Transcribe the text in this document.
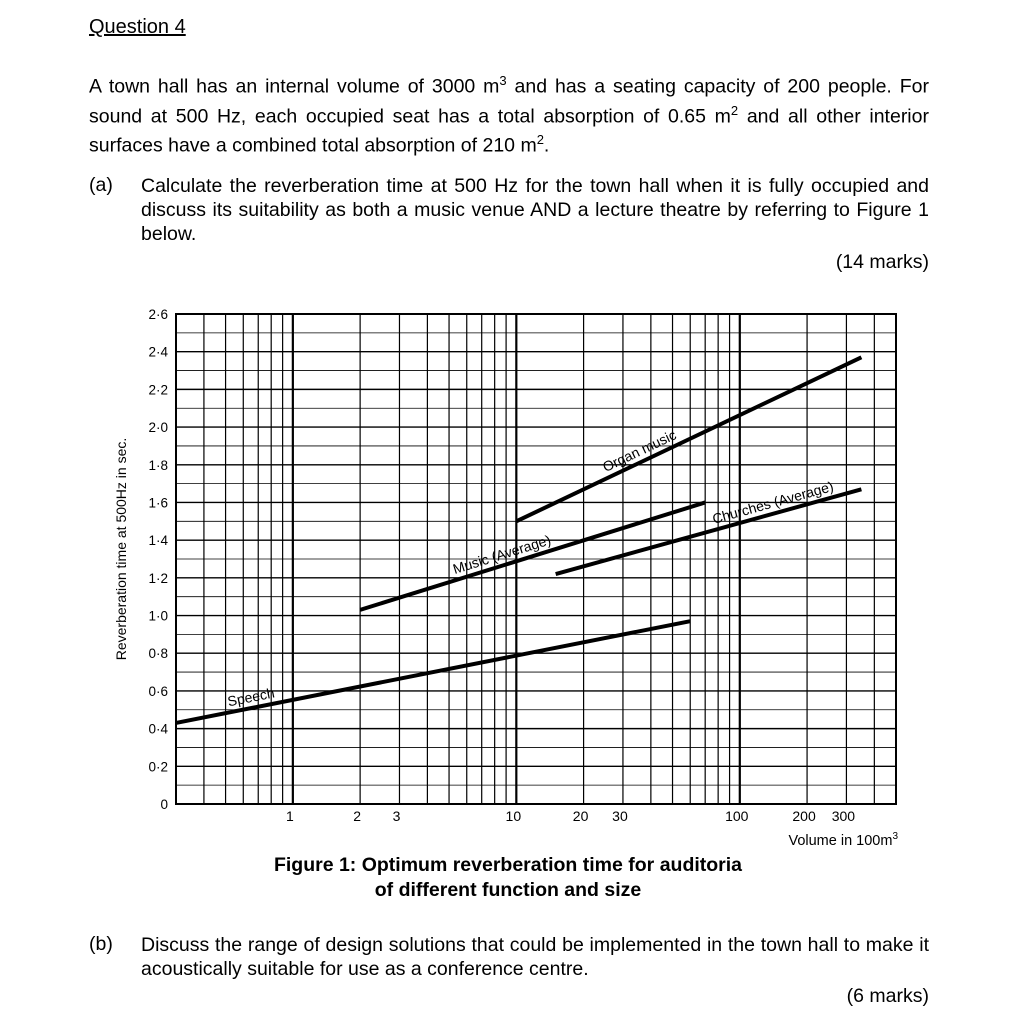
Question 4
A town hall has an internal volume of 3000 $m^3$ and has a seating capacity of 200 people. For sound at 500 Hz, each occupied seat has a total absorption of 0.65 $m^2$ and all other interior surfaces have a combined total absorption of 210 $m^2$.
(a) Calculate the reverberation time at 500 Hz for the town hall when it is fully occupied and discuss its suitability as both a music venue AND a lecture theatre by referring to Figure 1 below.
(14 marks)
Speech
Music (Average)
Organ music
Churches (Average)
0
0·2
0·4
0·6
0·8
1·0
1·2
1·4
1·6
1·8
2·0
2·2
2·4
2·6
1	2 3	10	20 30	100	200 300
Reverberation time at 500Hz in sec.
Volume in $100m^3$
Figure 1: Optimum reverberation time for auditoria
of different function and size
(b) Discuss the range of design solutions that could be implemented in the town hall to make it acoustically suitable for use as a conference centre.
(6 marks)
